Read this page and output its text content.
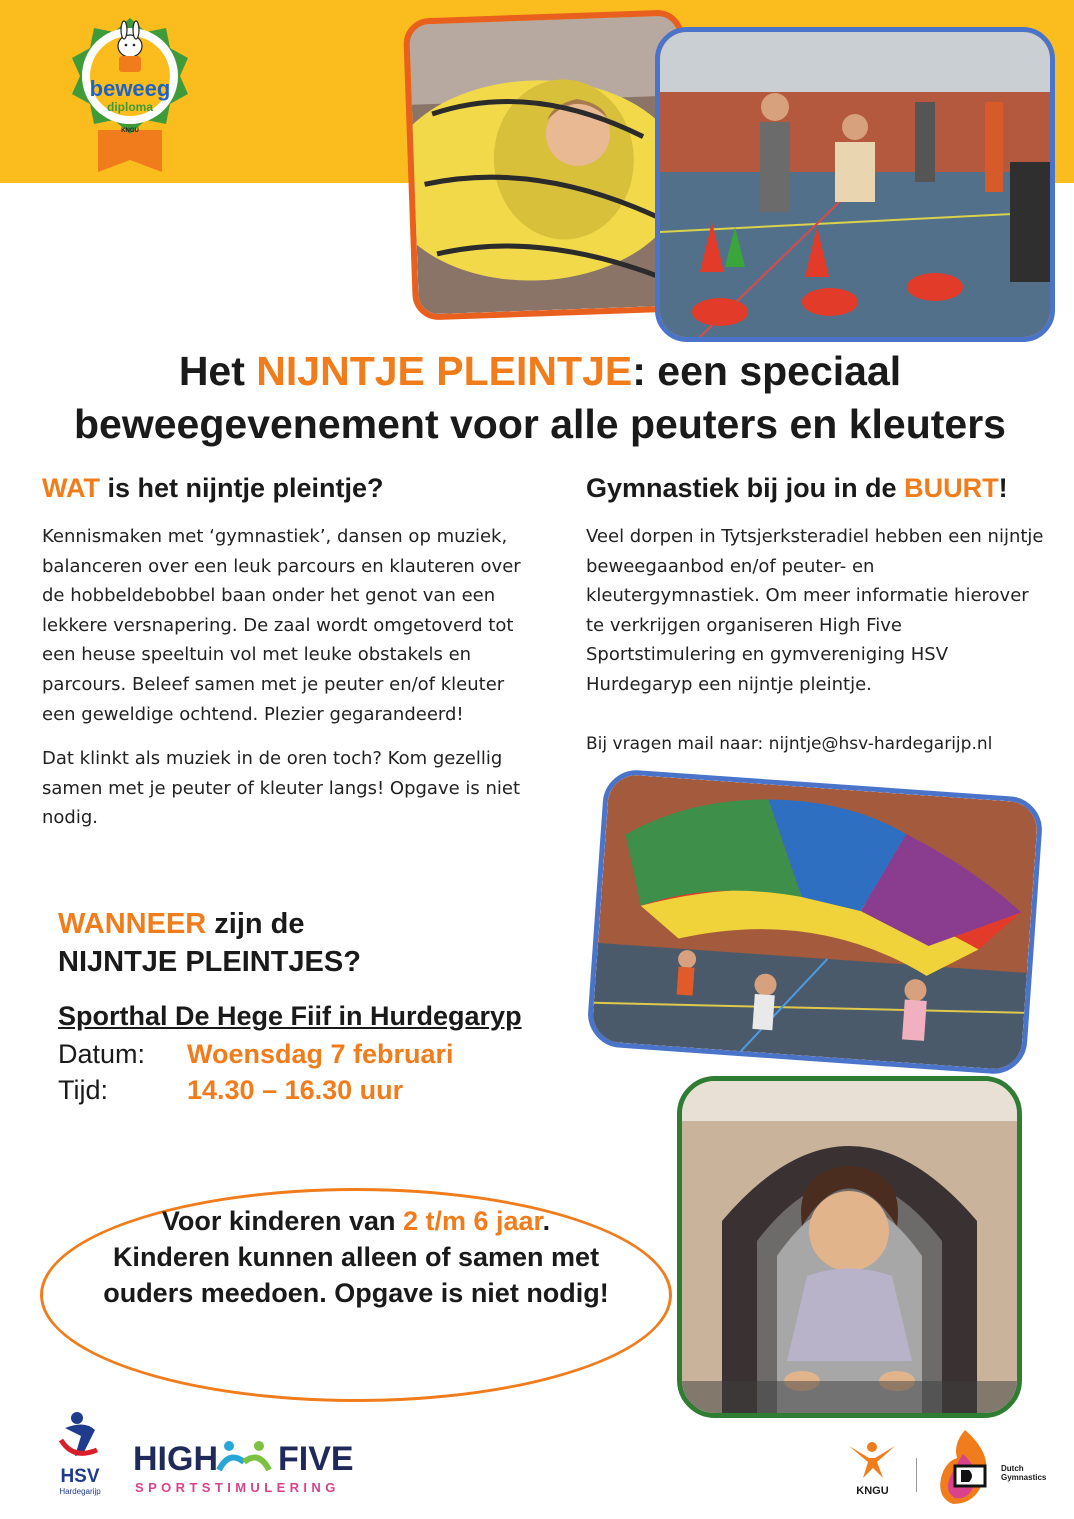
beweeg
diploma
KNGU
Het NIJNTJE PLEINTJE: een speciaal
beweegevenement voor alle peuters en kleuters
WAT is het nijntje pleintje?

Kennismaken met ‘gymnastiek’, dansen op muziek, balanceren over een leuk parcours en klauteren over de hobbeldebobbel baan onder het genot van een lekkere versnapering. De zaal wordt omgetoverd tot een heuse speeltuin vol met leuke obstakels en parcours. Beleef samen met je peuter en/of kleuter een geweldige ochtend. Plezier gegarandeerd!

Dat klinkt als muziek in de oren toch? Kom gezellig samen met je peuter of kleuter langs! Opgave is niet nodig.

Gymnastiek bij jou in de BUURT!

Veel dorpen in Tytsjerksteradiel hebben een nijntje beweegaanbod en/of peuter- en kleutergymnastiek. Om meer informatie hierover te verkrijgen organiseren High Five Sportstimulering en gymvereniging HSV Hurdegaryp een nijntje pleintje.

Bij vragen mail naar: nijntje@hsv-hardegarijp.nl

WANNEER zijn de
NIJNTJE PLEINTJES?
Sporthal De Hege Fiif in Hurdegaryp
Datum: Woensdag 7 februari
Tijd:	14.30 – 16.30 uur
Voor kinderen van 2 t/m 6 jaar.
Kinderen kunnen alleen of samen met ouders meedoen. Opgave is niet nodig!
HSV
Hardegarijp
HIGH FIVE
SPORTSTIMULERING	KNGU
Dutch
Gymnastics
